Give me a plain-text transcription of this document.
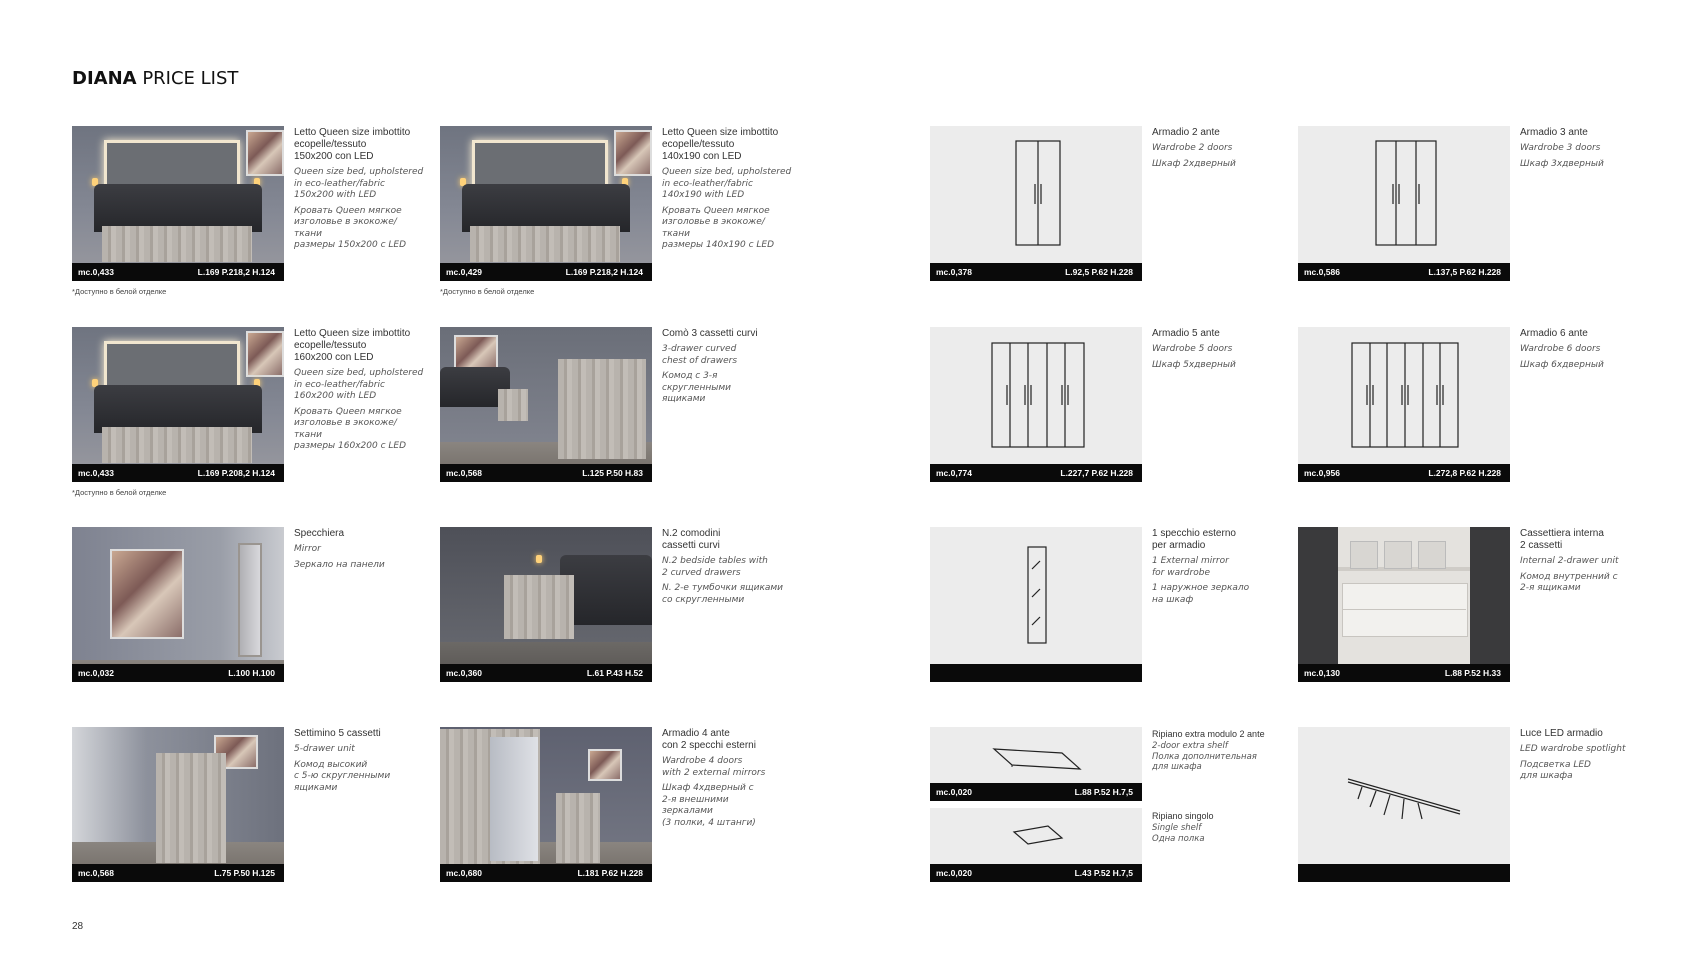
DIANA PRICE LIST
mc.0,433	L.169 P.218,2 H.124
Letto Queen size imbottito
ecopelle/tessuto
150x200 con LED
Queen size bed, upholstered
in eco-leather/fabric
150x200 with LED
Кровать Queen мягкое
изголовье в экокоже/ткани
размеры 150x200 с LED
*Доступно в белой отделке
mc.0,429	L.169 P.218,2 H.124
Letto Queen size imbottito
ecopelle/tessuto
140x190 con LED
Queen size bed, upholstered
in eco-leather/fabric
140x190 with LED
Кровать Queen мягкое
изголовье в экокоже/ткани
размеры 140x190 с LED
*Доступно в белой отделке
mc.0,378	L.92,5 P.62 H.228
Armadio 2 ante
Wardrobe 2 doors
Шкаф 2хдверный
mc.0,586	L.137,5 P.62 H.228
Armadio 3 ante
Wardrobe 3 doors
Шкаф 3хдверный
mc.0,433	L.169 P.208,2 H.124
Letto Queen size imbottito
ecopelle/tessuto
160x200 con LED
Queen size bed, upholstered
in eco-leather/fabric
160x200 with LED
Кровать Queen мягкое
изголовье в экокоже/ткани
размеры 160x200 с LED
*Доступно в белой отделке
mc.0,568	L.125 P.50 H.83
Comò 3 cassetti curvi
3-drawer curved
chest of drawers
Комод с 3-я
скругленными
ящиками
mc.0,774	L.227,7 P.62 H.228
Armadio 5 ante
Wardrobe 5 doors
Шкаф 5хдверный
mc.0,956	L.272,8 P.62 H.228
Armadio 6 ante
Wardrobe 6 doors
Шкаф 6хдверный
mc.0,032	L.100 H.100
Specchiera
Mirror
Зеркало на панели
mc.0,360	L.61 P.43 H.52
N.2 comodini
cassetti curvi
N.2 bedside tables with
2 curved drawers
N. 2-е тумбочки ящиками
со скругленными
1 specchio esterno
per armadio
1 External mirror
for wardrobe
1 наружное зеркало
на шкаф
mc.0,130	L.88 P.52 H.33
Cassettiera interna
2 cassetti
Internal 2-drawer unit
Комод внутренний с
2-я ящиками
mc.0,568	L.75 P.50 H.125
Settimino 5 cassetti
5-drawer unit
Комод высокий
с 5-ю скругленными
ящиками
mc.0,680	L.181 P.62 H.228
Armadio 4 ante
con 2 specchi esterni
Wardrobe 4 doors
with 2 external mirrors
Шкаф 4хдверный с
2-я внешними
зеркалами
(3 полки, 4 штанги)
mc.0,020	L.88 P.52 H.7,5
Ripiano extra modulo 2 ante
2-door extra shelf
Полка дополнительная
для шкафа
mc.0,020	L.43 P.52 H.7,5
Ripiano singolo
Single shelf
Одна полка
Luce LED armadio
LED wardrobe spotlight
Подсветка LED
для шкафа
28
